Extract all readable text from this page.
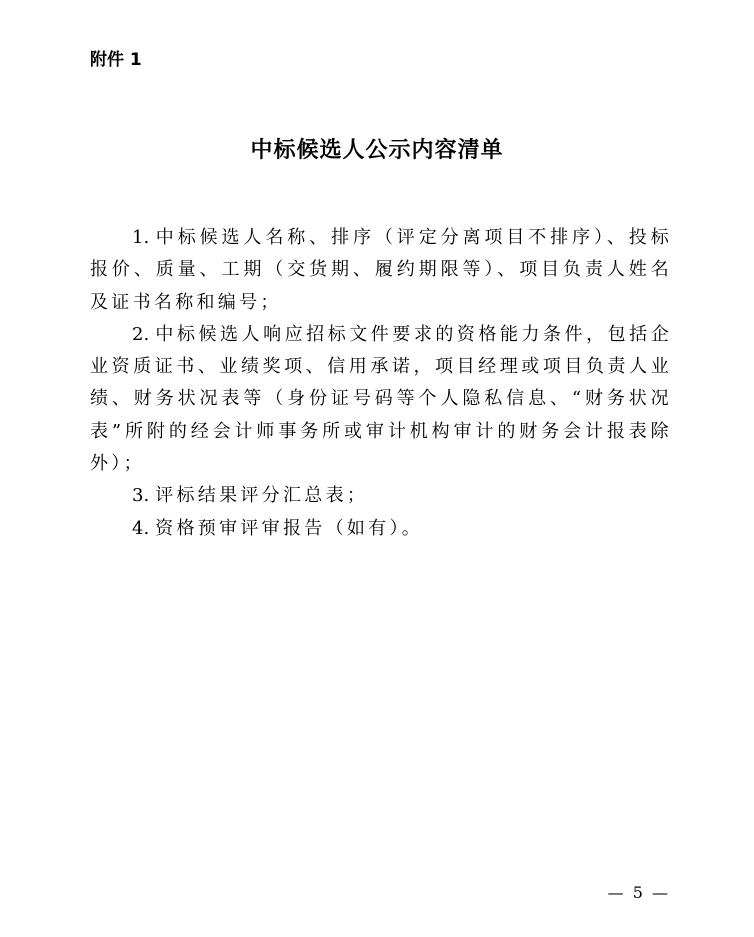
附件 1
中标候选人公示内容清单

1. 中标候选人名称、排序（评定分离项目不排序）、投标报价、质量、工期（交货期、履约期限等）、项目负责人姓名及证书名称和编号；

2. 中标候选人响应招标文件要求的资格能力条件，包括企业资质证书、业绩奖项、信用承诺，项目经理或项目负责人业绩、财务状况表等（身份证号码等个人隐私信息、“财务状况表”所附的经会计师事务所或审计机构审计的财务会计报表除外）；

3. 评标结果评分汇总表；

4. 资格预审评审报告（如有）。

— 5 —
